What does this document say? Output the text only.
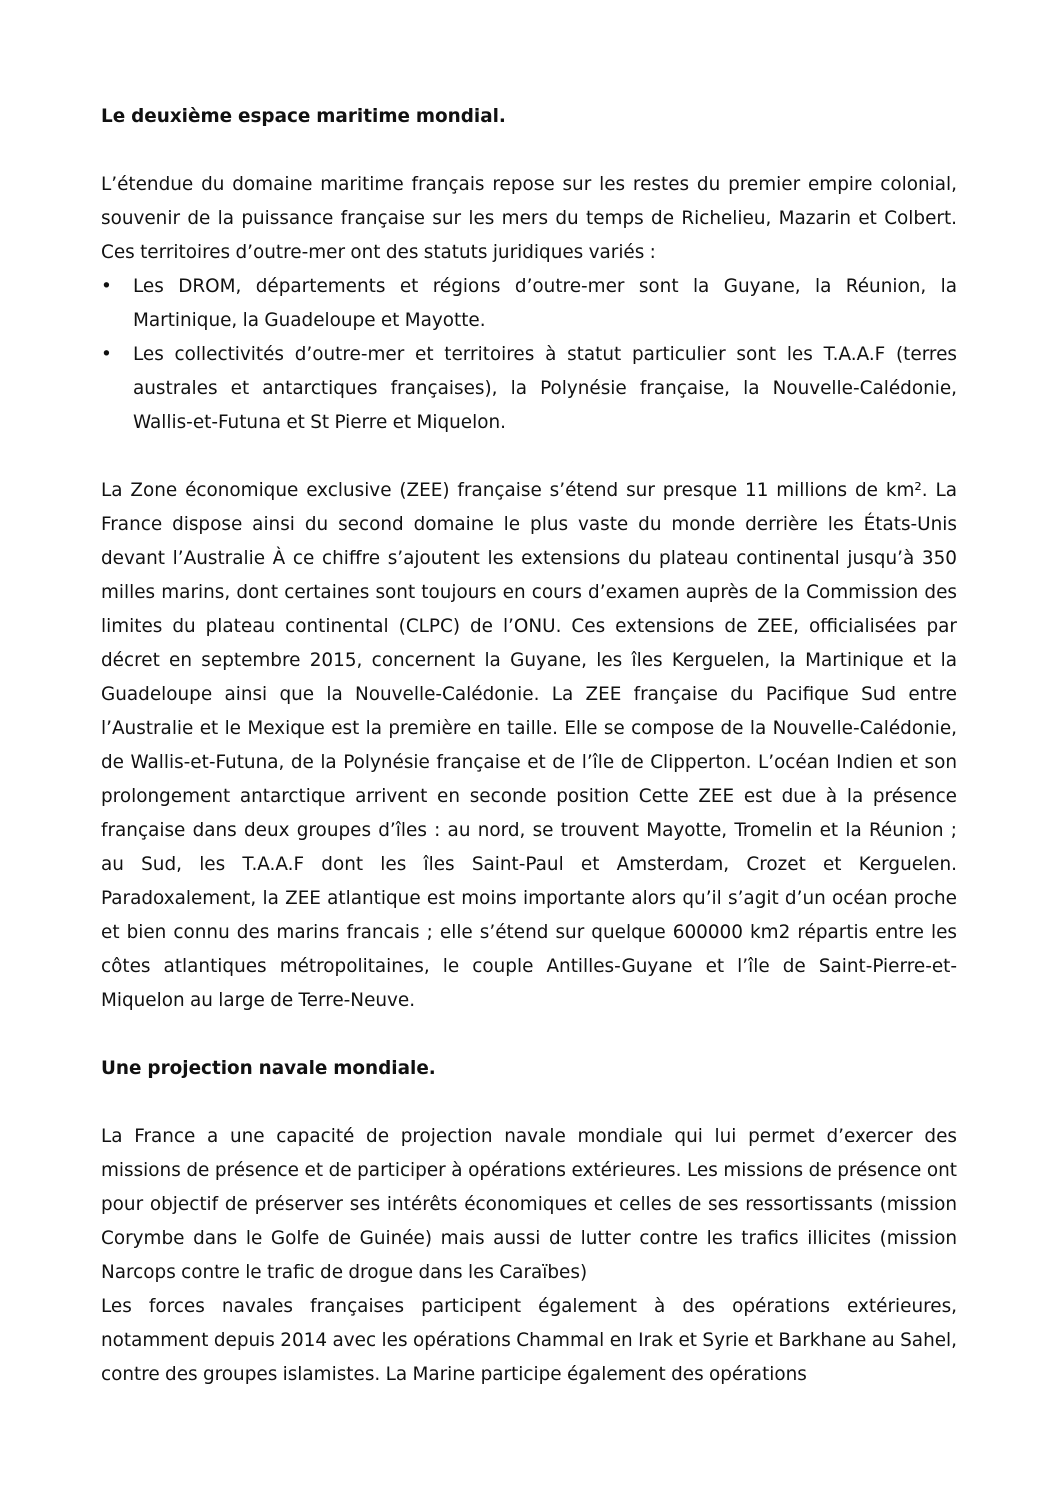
Le deuxième espace maritime mondial.

L’étendue du domaine maritime français repose sur les restes du premier empire colonial, souvenir de la puissance française sur les mers du temps de Richelieu, Mazarin et Colbert. Ces territoires d’outre-mer ont des statuts juridiques variés :

• Les DROM, départements et régions d’outre-mer sont la Guyane, la Réunion, la Martinique, la Guadeloupe et Mayotte.
• Les collectivités d’outre-mer et territoires à statut particulier sont les T.A.A.F (terres australes et antarctiques françaises), la Polynésie française, la Nouvelle-Calédonie, Wallis-et-Futuna et St Pierre et Miquelon.

La Zone économique exclusive (ZEE) française s’étend sur presque 11 millions de km². La France dispose ainsi du second domaine le plus vaste du monde derrière les États-Unis devant l’Australie À ce chiffre s’ajoutent les extensions du plateau continental jusqu’à 350 milles marins, dont certaines sont toujours en cours d’examen auprès de la Commission des limites du plateau continental (CLPC) de l’ONU. Ces extensions de ZEE, officialisées par décret en septembre 2015, concernent la Guyane, les îles Kerguelen, la Martinique et la Guadeloupe ainsi que la Nouvelle-Calédonie. La ZEE française du Pacifique Sud entre l’Australie et le Mexique est la première en taille. Elle se compose de la Nouvelle-Calédonie, de Wallis-et-Futuna, de la Polynésie française et de l’île de Clipperton. L’océan Indien et son prolongement antarctique arrivent en seconde position Cette ZEE est due à la présence française dans deux groupes d’îles : au nord, se trouvent Mayotte, Tromelin et la Réunion ; au Sud, les T.A.A.F dont les îles Saint-Paul et Amsterdam, Crozet et Kerguelen. Paradoxalement, la ZEE atlantique est moins importante alors qu’il s’agit d’un océan proche et bien connu des marins francais ; elle s’étend sur quelque 600000 km2 répartis entre les côtes atlantiques métropolitaines, le couple Antilles-Guyane et l’île de Saint-Pierre-et-Miquelon au large de Terre-Neuve.

Une projection navale mondiale.

La France a une capacité de projection navale mondiale qui lui permet d’exercer des missions de présence et de participer à opérations extérieures. Les missions de présence ont pour objectif de préserver ses intérêts économiques et celles de ses ressortissants (mission Corymbe dans le Golfe de Guinée) mais aussi de lutter contre les trafics illicites (mission Narcops contre le trafic de drogue dans les Caraïbes)

Les forces navales françaises participent également à des opérations extérieures, notamment depuis 2014 avec les opérations Chammal en Irak et Syrie et Barkhane au Sahel, contre des groupes islamistes. La Marine participe également des opérations
